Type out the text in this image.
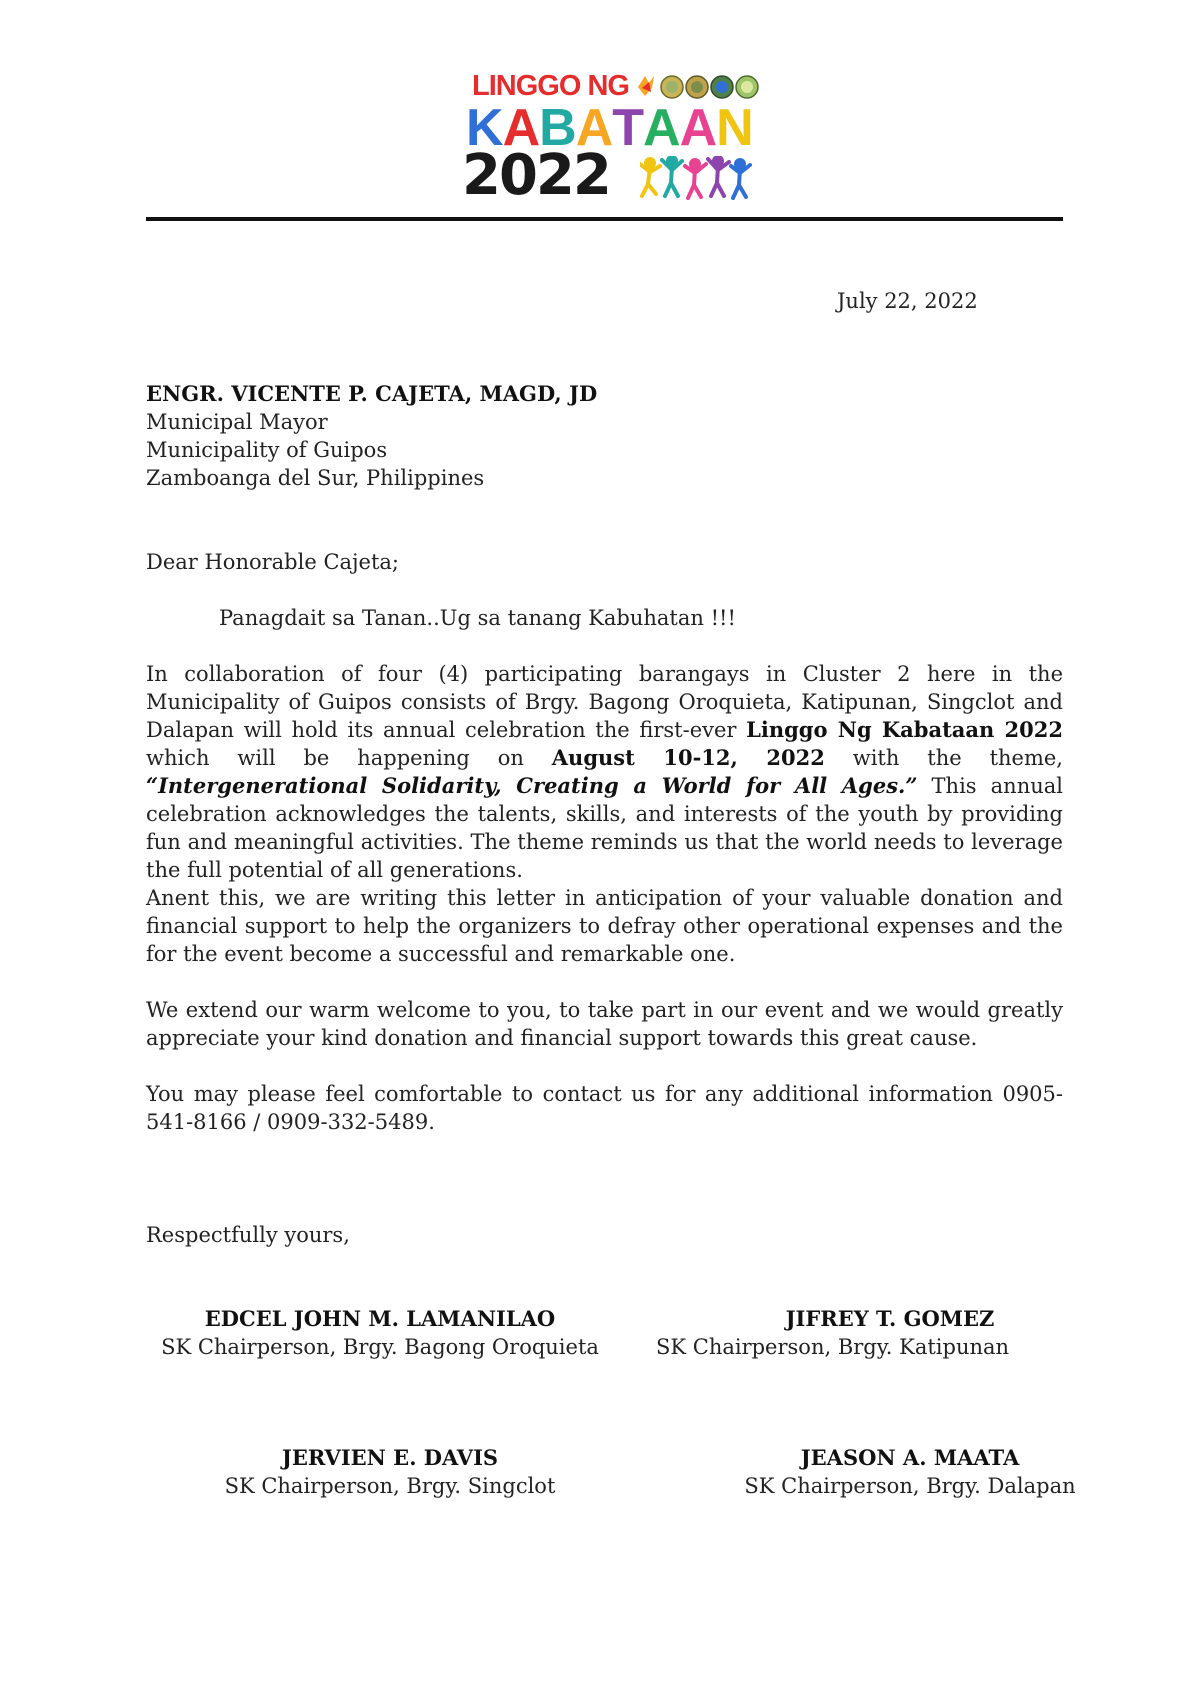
LINGGO NG
KABATAAN
2022
July 22, 2022
ENGR. VICENTE P. CAJETA, MAGD, JD
Municipal Mayor
Municipality of Guipos
Zamboanga del Sur, Philippines
Dear Honorable Cajeta;
Panagdait sa Tanan..Ug sa tanang Kabuhatan !!!
In collaboration of four (4) participating barangays in Cluster 2 here in the Municipality of Guipos consists of Brgy. Bagong Oroquieta, Katipunan, Singclot and Dalapan will hold its annual celebration the first-ever Linggo Ng Kabataan 2022 which will be happening on August 10-12, 2022 with the theme, “Intergenerational Solidarity, Creating a World for All Ages.” This annual celebration acknowledges the talents, skills, and interests of the youth by providing fun and meaningful activities. The theme reminds us that the world needs to leverage the full potential of all generations.
Anent this, we are writing this letter in anticipation of your valuable donation and financial support to help the organizers to defray other operational expenses and the for the event become a successful and remarkable one.
We extend our warm welcome to you, to take part in our event and we would greatly appreciate your kind donation and financial support towards this great cause.
You may please feel comfortable to contact us for any additional information 0905-541-8166 / 0909-332-5489.
Respectfully yours,
EDCEL JOHN M. LAMANILAO
SK Chairperson, Brgy. Bagong Oroquieta
JIFREY T. GOMEZ
SK Chairperson, Brgy. Katipunan
JERVIEN E. DAVIS
SK Chairperson, Brgy. Singclot
JEASON A. MAATA
SK Chairperson, Brgy. Dalapan
